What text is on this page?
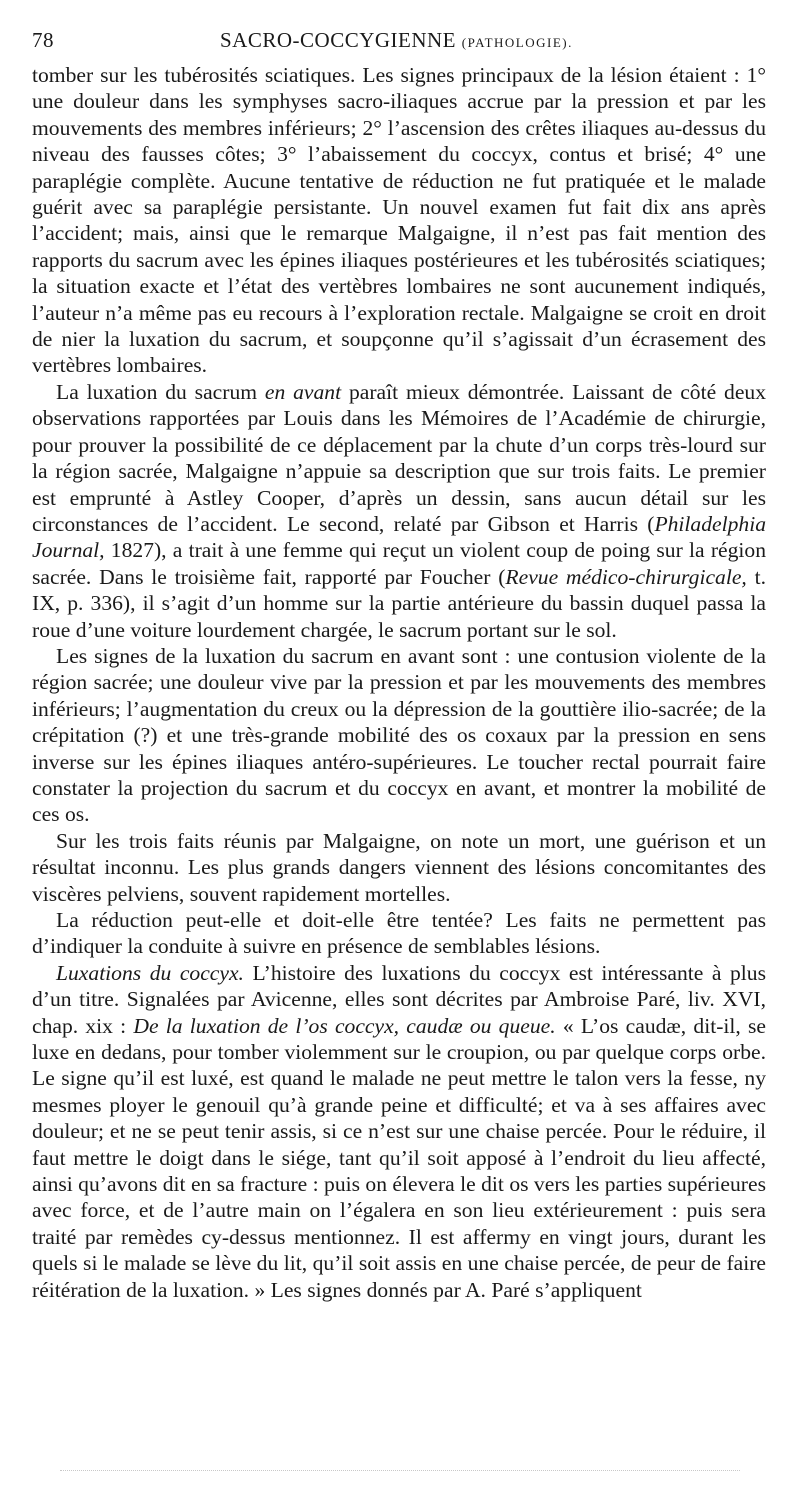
78	SACRO-COCCYGIENNE (PATHOLOGIE).

tomber sur les tubérosités sciatiques. Les signes principaux de la lésion étaient : 1° une douleur dans les symphyses sacro-iliaques accrue par la pression et par les mouvements des membres inférieurs; 2° l’ascension des crêtes iliaques au-dessus du niveau des fausses côtes; 3° l’abaissement du coccyx, contus et brisé; 4° une paraplégie complète. Aucune tentative de réduction ne fut pratiquée et le malade guérit avec sa paraplégie persistante. Un nouvel examen fut fait dix ans après l’accident; mais, ainsi que le remarque Malgaigne, il n’est pas fait mention des rapports du sacrum avec les épines iliaques postérieures et les tubérosités sciatiques; la situation exacte et l’état des vertèbres lombaires ne sont aucunement indiqués, l’auteur n’a même pas eu recours à l’exploration rectale. Malgaigne se croit en droit de nier la luxation du sacrum, et soupçonne qu’il s’agissait d’un écrasement des vertèbres lombaires.

La luxation du sacrum en avant paraît mieux démontrée. Laissant de côté deux observations rapportées par Louis dans les Mémoires de l’Académie de chirurgie, pour prouver la possibilité de ce déplacement par la chute d’un corps très-lourd sur la région sacrée, Malgaigne n’appuie sa description que sur trois faits. Le premier est emprunté à Astley Cooper, d’après un dessin, sans aucun détail sur les circonstances de l’accident. Le second, relaté par Gibson et Harris (Philadelphia Journal, 1827), a trait à une femme qui reçut un violent coup de poing sur la région sacrée. Dans le troisième fait, rapporté par Foucher (Revue médico-chirurgicale, t. IX, p. 336), il s’agit d’un homme sur la partie antérieure du bassin duquel passa la roue d’une voiture lourdement chargée, le sacrum portant sur le sol.

Les signes de la luxation du sacrum en avant sont : une contusion violente de la région sacrée; une douleur vive par la pression et par les mouvements des membres inférieurs; l’augmentation du creux ou la dépression de la gouttière ilio-sacrée; de la crépitation (?) et une très-grande mobilité des os coxaux par la pression en sens inverse sur les épines iliaques antéro-supérieures. Le toucher rectal pourrait faire constater la projection du sacrum et du coccyx en avant, et montrer la mobilité de ces os.

Sur les trois faits réunis par Malgaigne, on note un mort, une guérison et un résultat inconnu. Les plus grands dangers viennent des lésions concomitantes des viscères pelviens, souvent rapidement mortelles.

La réduction peut-elle et doit-elle être tentée? Les faits ne permettent pas d’indiquer la conduite à suivre en présence de semblables lésions.

Luxations du coccyx. L’histoire des luxations du coccyx est intéressante à plus d’un titre. Signalées par Avicenne, elles sont décrites par Ambroise Paré, liv. XVI, chap. xix : De la luxation de l’os coccyx, caudæ ou queue. « L’os caudæ, dit-il, se luxe en dedans, pour tomber violemment sur le croupion, ou par quelque corps orbe. Le signe qu’il est luxé, est quand le malade ne peut mettre le talon vers la fesse, ny mesmes ployer le genouil qu’à grande peine et difficulté; et va à ses affaires avec douleur; et ne se peut tenir assis, si ce n’est sur une chaise percée. Pour le réduire, il faut mettre le doigt dans le siége, tant qu’il soit apposé à l’endroit du lieu affecté, ainsi qu’avons dit en sa fracture : puis on élevera le dit os vers les parties supérieures avec force, et de l’autre main on l’égalera en son lieu extérieurement : puis sera traité par remèdes cy-dessus mentionnez. Il est affermy en vingt jours, durant les quels si le malade se lève du lit, qu’il soit assis en une chaise percée, de peur de faire réitération de la luxation. » Les signes donnés par A. Paré s’appliquent
